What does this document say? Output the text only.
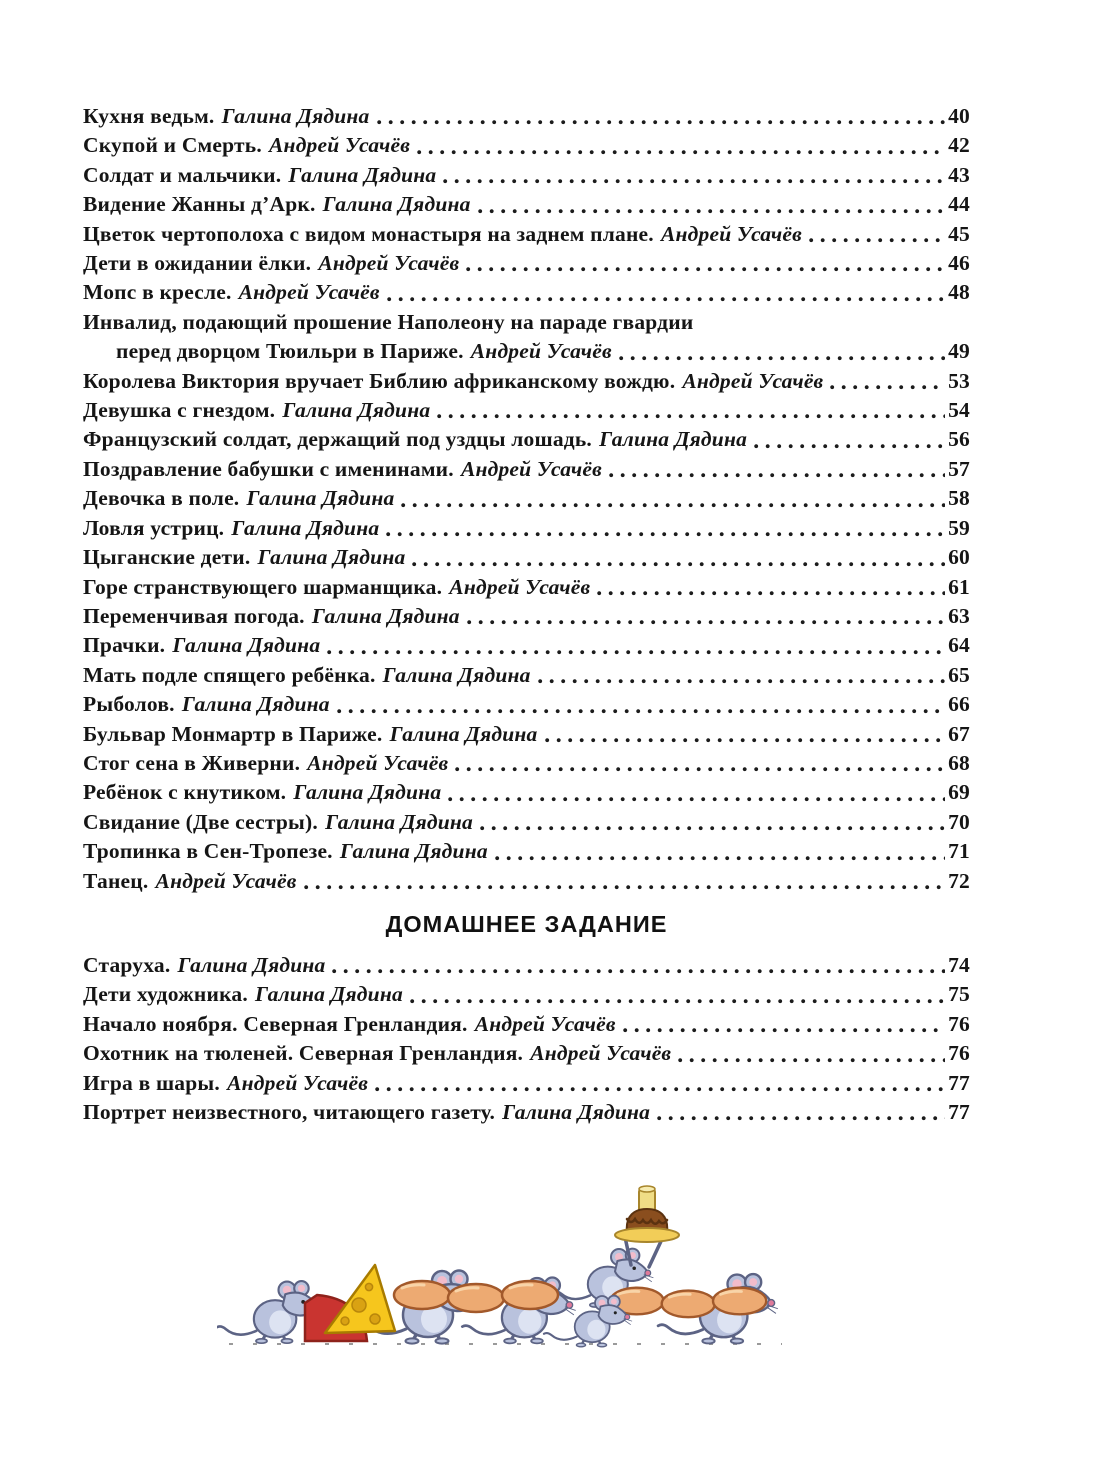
Кухня ведьм. Галина Дядина	40
Скупой и Смерть. Андрей Усачёв	42
Солдат и мальчики. Галина Дядина	43
Видение Жанны д’Арк. Галина Дядина	44
Цветок чертополоха с видом монастыря на заднем плане. Андрей Усачёв	45
Дети в ожидании ёлки. Андрей Усачёв	46
Мопс в кресле. Андрей Усачёв	48
Инвалид, подающий прошение Наполеону на параде гвардии
перед дворцом Тюильри в Париже. Андрей Усачёв	49
Королева Виктория вручает Библию африканскому вождю. Андрей Усачёв	53
Девушка с гнездом. Галина Дядина	54
Французский солдат, держащий под уздцы лошадь. Галина Дядина	56
Поздравление бабушки с именинами. Андрей Усачёв	57
Девочка в поле. Галина Дядина	58
Ловля устриц. Галина Дядина	59
Цыганские дети. Галина Дядина	60
Горе странствующего шарманщика. Андрей Усачёв	61
Переменчивая погода. Галина Дядина	63
Прачки. Галина Дядина	64
Мать подле спящего ребёнка. Галина Дядина	65
Рыболов. Галина Дядина	66
Бульвар Монмартр в Париже. Галина Дядина	67
Стог сена в Живерни. Андрей Усачёв	68
Ребёнок с кнутиком. Галина Дядина	69
Свидание (Две сестры). Галина Дядина	70
Тропинка в Сен-Тропезе. Галина Дядина	71
Танец. Андрей Усачёв	72
ДОМАШНЕЕ ЗАДАНИЕ
Старуха. Галина Дядина	74
Дети художника. Галина Дядина	75
Начало ноября. Северная Гренландия. Андрей Усачёв	76
Охотник на тюленей. Северная Гренландия. Андрей Усачёв	76
Игра в шары. Андрей Усачёв	77
Портрет неизвестного, читающего газету. Галина Дядина	77
